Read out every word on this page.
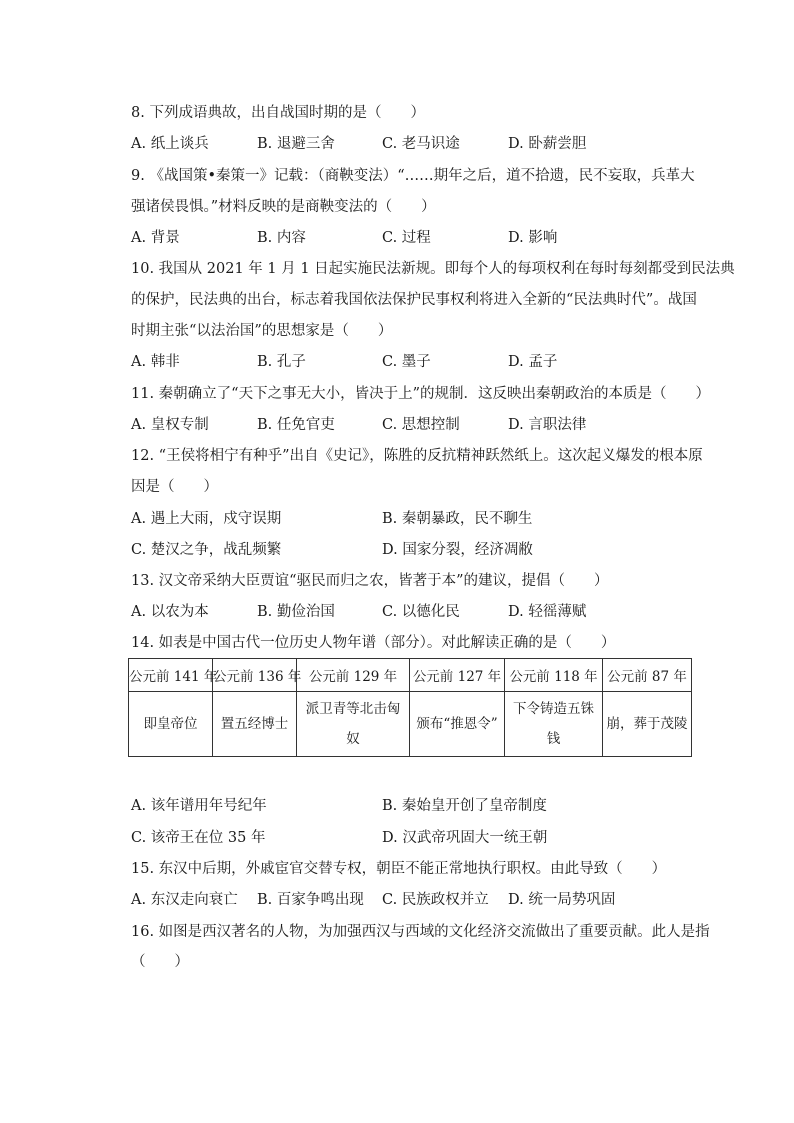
8. 下列成语典故，出自战国时期的是（　　）
A. 纸上谈兵	B. 退避三舍	C. 老马识途	D. 卧薪尝胆
9. 《战国策•秦策一》记载：（商鞅变法）“……期年之后，道不拾遗，民不妄取，兵革大
强诸侯畏惧。”材料反映的是商鞅变法的（　　）
A. 背景	B. 内容	C. 过程	D. 影响
10. 我国从 2021 年 1 月 1 日起实施民法新规。即每个人的每项权利在每时每刻都受到民法典
的保护，民法典的出台，标志着我国依法保护民事权利将进入全新的“民法典时代”。战国
时期主张“以法治国”的思想家是（　　）
A. 韩非	B. 孔子	C. 墨子	D. 孟子
11. 秦朝确立了“天下之事无大小，皆决于上”的规制．这反映出秦朝政治的本质是（　　）
A. 皇权专制	B. 任免官吏	C. 思想控制	D. 言职法律
12. “王侯将相宁有种乎”出自《史记》，陈胜的反抗精神跃然纸上。这次起义爆发的根本原
因是（　　）
A. 遇上大雨，戍守误期	B. 秦朝暴政，民不聊生
C. 楚汉之争，战乱频繁	D. 国家分裂，经济凋敝
13. 汉文帝采纳大臣贾谊“驱民而归之农，皆著于本”的建议，提倡（　　）
A. 以农为本	B. 勤俭治国	C. 以德化民	D. 轻徭薄赋
14. 如表是中国古代一位历史人物年谱（部分）。对此解读正确的是（　　）
公元前 141 年	公元前 136 年	公元前 129 年	公元前 127 年	公元前 118 年	公元前 87 年
即皇帝位	置五经博士	派卫青等北击匈奴	颁布“推恩令”	下令铸造五铢钱	崩，葬于茂陵
A. 该年谱用年号纪年	B. 秦始皇开创了皇帝制度
C. 该帝王在位 35 年	D. 汉武帝巩固大一统王朝
15. 东汉中后期，外戚宦官交替专权，朝臣不能正常地执行职权。由此导致（　　）
A. 东汉走向衰亡 B. 百家争鸣出现 C. 民族政权并立 D. 统一局势巩固
16. 如图是西汉著名的人物，为加强西汉与西域的文化经济交流做出了重要贡献。此人是指
（　　）
